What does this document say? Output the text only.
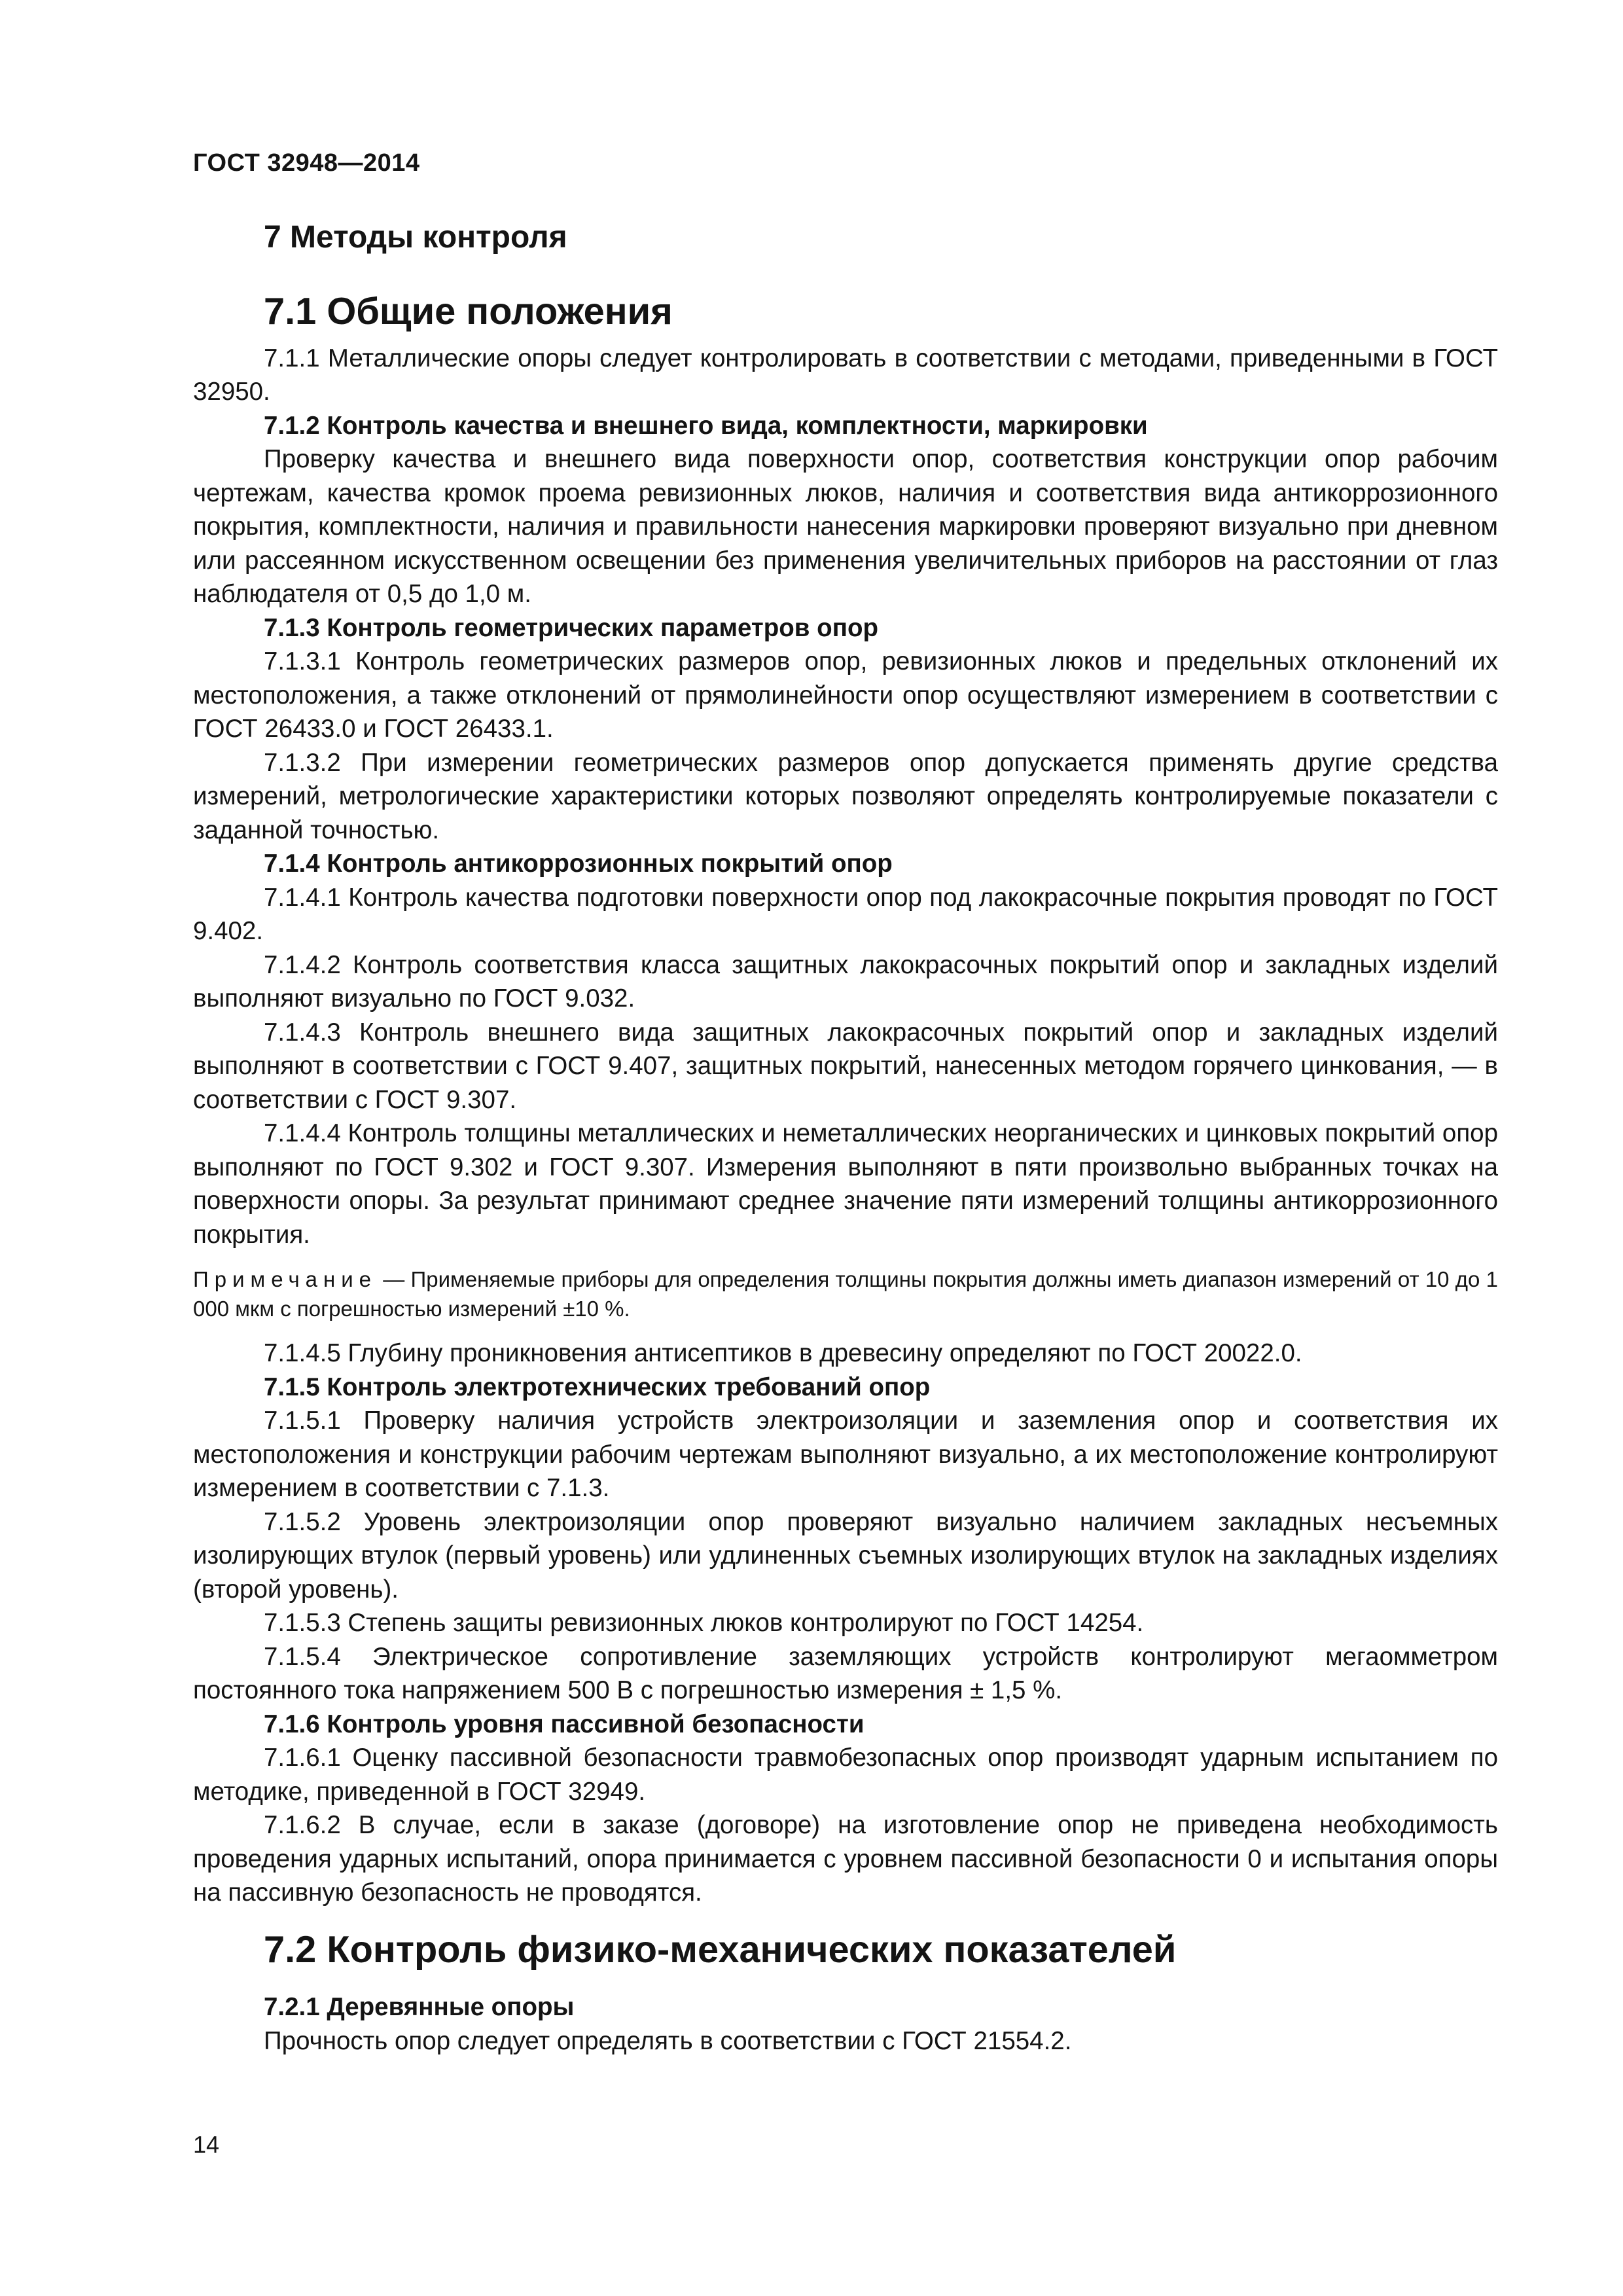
ГОСТ 32948—2014
7 Методы контроля
7.1 Общие положения

7.1.1 Металлические опоры следует контролировать в соответствии с методами, приведенными в ГОСТ 32950.

7.1.2 Контроль качества и внешнего вида, комплектности, маркировки

Проверку качества и внешнего вида поверхности опор, соответствия конструкции опор рабочим чертежам, качества кромок проема ревизионных люков, наличия и соответствия вида антикоррозионного покрытия, комплектности, наличия и правильности нанесения маркировки проверяют визуально при дневном или рассеянном искусственном освещении без применения увеличительных приборов на расстоянии от глаз наблюдателя от 0,5 до 1,0 м.

7.1.3 Контроль геометрических параметров опор

7.1.3.1 Контроль геометрических размеров опор, ревизионных люков и предельных отклонений их местоположения, а также отклонений от прямолинейности опор осуществляют измерением в соответствии с ГОСТ 26433.0 и ГОСТ 26433.1.

7.1.3.2 При измерении геометрических размеров опор допускается применять другие средства измерений, метрологические характеристики которых позволяют определять контролируемые показатели с заданной точностью.

7.1.4 Контроль антикоррозионных покрытий опор

7.1.4.1 Контроль качества подготовки поверхности опор под лакокрасочные покрытия проводят по ГОСТ 9.402.

7.1.4.2 Контроль соответствия класса защитных лакокрасочных покрытий опор и закладных изделий выполняют визуально по ГОСТ 9.032.

7.1.4.3 Контроль внешнего вида защитных лакокрасочных покрытий опор и закладных изделий выполняют в соответствии с ГОСТ 9.407, защитных покрытий, нанесенных методом горячего цинкования, — в соответствии с ГОСТ 9.307.

7.1.4.4 Контроль толщины металлических и неметаллических неорганических и цинковых покрытий опор выполняют по ГОСТ 9.302 и ГОСТ 9.307. Измерения выполняют в пяти произвольно выбранных точках на поверхности опоры. За результат принимают среднее значение пяти измерений толщины антикоррозионного покрытия.

Примечание — Применяемые приборы для определения толщины покрытия должны иметь диапазон измерений от 10 до 1 000 мкм с погрешностью измерений ±10 %.

7.1.4.5 Глубину проникновения антисептиков в древесину определяют по ГОСТ 20022.0.

7.1.5 Контроль электротехнических требований опор

7.1.5.1 Проверку наличия устройств электроизоляции и заземления опор и соответствия их местоположения и конструкции рабочим чертежам выполняют визуально, а их местоположение контролируют измерением в соответствии с 7.1.3.

7.1.5.2 Уровень электроизоляции опор проверяют визуально наличием закладных несъемных изолирующих втулок (первый уровень) или удлиненных съемных изолирующих втулок на закладных изделиях (второй уровень).

7.1.5.3 Степень защиты ревизионных люков контролируют по ГОСТ 14254.

7.1.5.4 Электрическое сопротивление заземляющих устройств контролируют мегаомметром постоянного тока напряжением 500 В с погрешностью измерения ± 1,5 %.

7.1.6 Контроль уровня пассивной безопасности

7.1.6.1 Оценку пассивной безопасности травмобезопасных опор производят ударным испытанием по методике, приведенной в ГОСТ 32949.

7.1.6.2 В случае, если в заказе (договоре) на изготовление опор не приведена необходимость проведения ударных испытаний, опора принимается с уровнем пассивной безопасности 0 и испытания опоры на пассивную безопасность не проводятся.

7.2 Контроль физико-механических показателей
7.2.1 Деревянные опоры

Прочность опор следует определять в соответствии с ГОСТ 21554.2.

14
